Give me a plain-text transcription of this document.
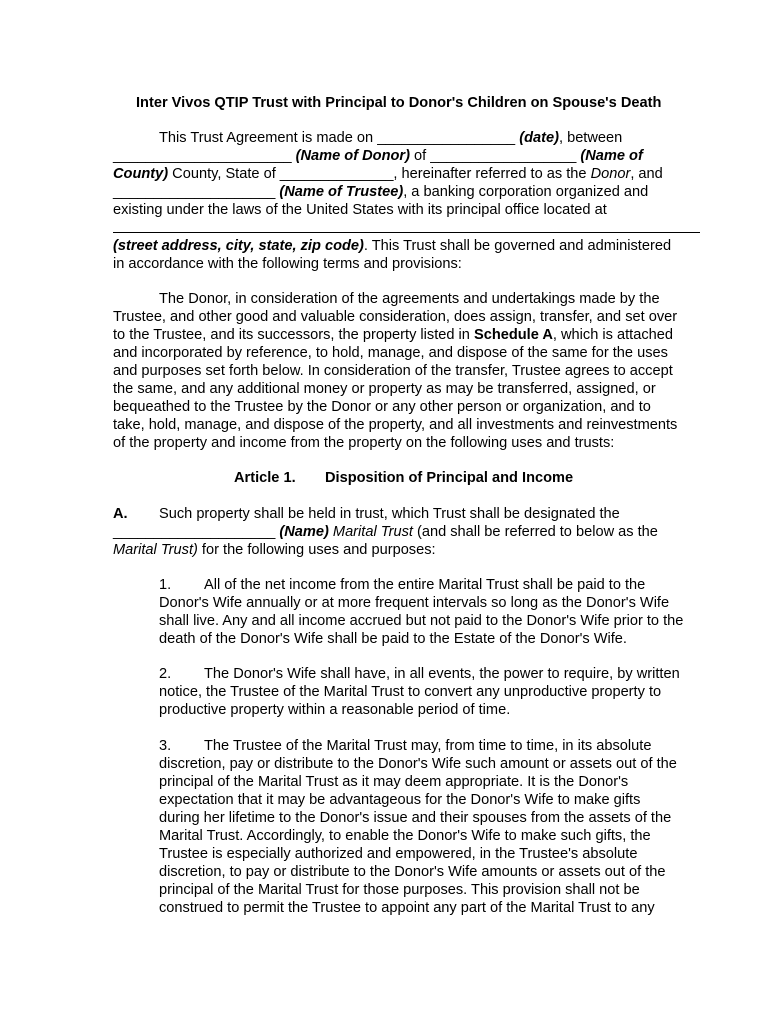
Inter Vivos QTIP Trust with Principal to Donor's Children on Spouse's Death
This Trust Agreement is made on _________________ (date), between
______________________ (Name of Donor) of __________________ (Name of
County) County, State of ______________, hereinafter referred to as the Donor, and
____________________ (Name of Trustee), a banking corporation organized and
existing under the laws of the United States with its principal office located at
(street address, city, state, zip code). This Trust shall be governed and administered
in accordance with the following terms and provisions:
The Donor, in consideration of the agreements and undertakings made by the
Trustee, and other good and valuable consideration, does assign, transfer, and set over
to the Trustee, and its successors, the property listed in Schedule A, which is attached
and incorporated by reference, to hold, manage, and dispose of the same for the uses
and purposes set forth below. In consideration of the transfer, Trustee agrees to accept
the same, and any additional money or property as may be transferred, assigned, or
bequeathed to the Trustee by the Donor or any other person or organization, and to
take, hold, manage, and dispose of the property, and all investments and reinvestments
of the property and income from the property on the following uses and trusts:
Article 1. Disposition of Principal and Income
A. Such property shall be held in trust, which Trust shall be designated the
____________________ (Name) Marital Trust (and shall be referred to below as the
Marital Trust) for the following uses and purposes:
1. All of the net income from the entire Marital Trust shall be paid to the
Donor's Wife annually or at more frequent intervals so long as the Donor's Wife
shall live. Any and all income accrued but not paid to the Donor's Wife prior to the
death of the Donor's Wife shall be paid to the Estate of the Donor's Wife.
2. The Donor's Wife shall have, in all events, the power to require, by written
notice, the Trustee of the Marital Trust to convert any unproductive property to
productive property within a reasonable period of time.
3. The Trustee of the Marital Trust may, from time to time, in its absolute
discretion, pay or distribute to the Donor's Wife such amount or assets out of the
principal of the Marital Trust as it may deem appropriate. It is the Donor's
expectation that it may be advantageous for the Donor's Wife to make gifts
during her lifetime to the Donor's issue and their spouses from the assets of the
Marital Trust. Accordingly, to enable the Donor's Wife to make such gifts, the
Trustee is especially authorized and empowered, in the Trustee's absolute
discretion, to pay or distribute to the Donor's Wife amounts or assets out of the
principal of the Marital Trust for those purposes. This provision shall not be
construed to permit the Trustee to appoint any part of the Marital Trust to any
